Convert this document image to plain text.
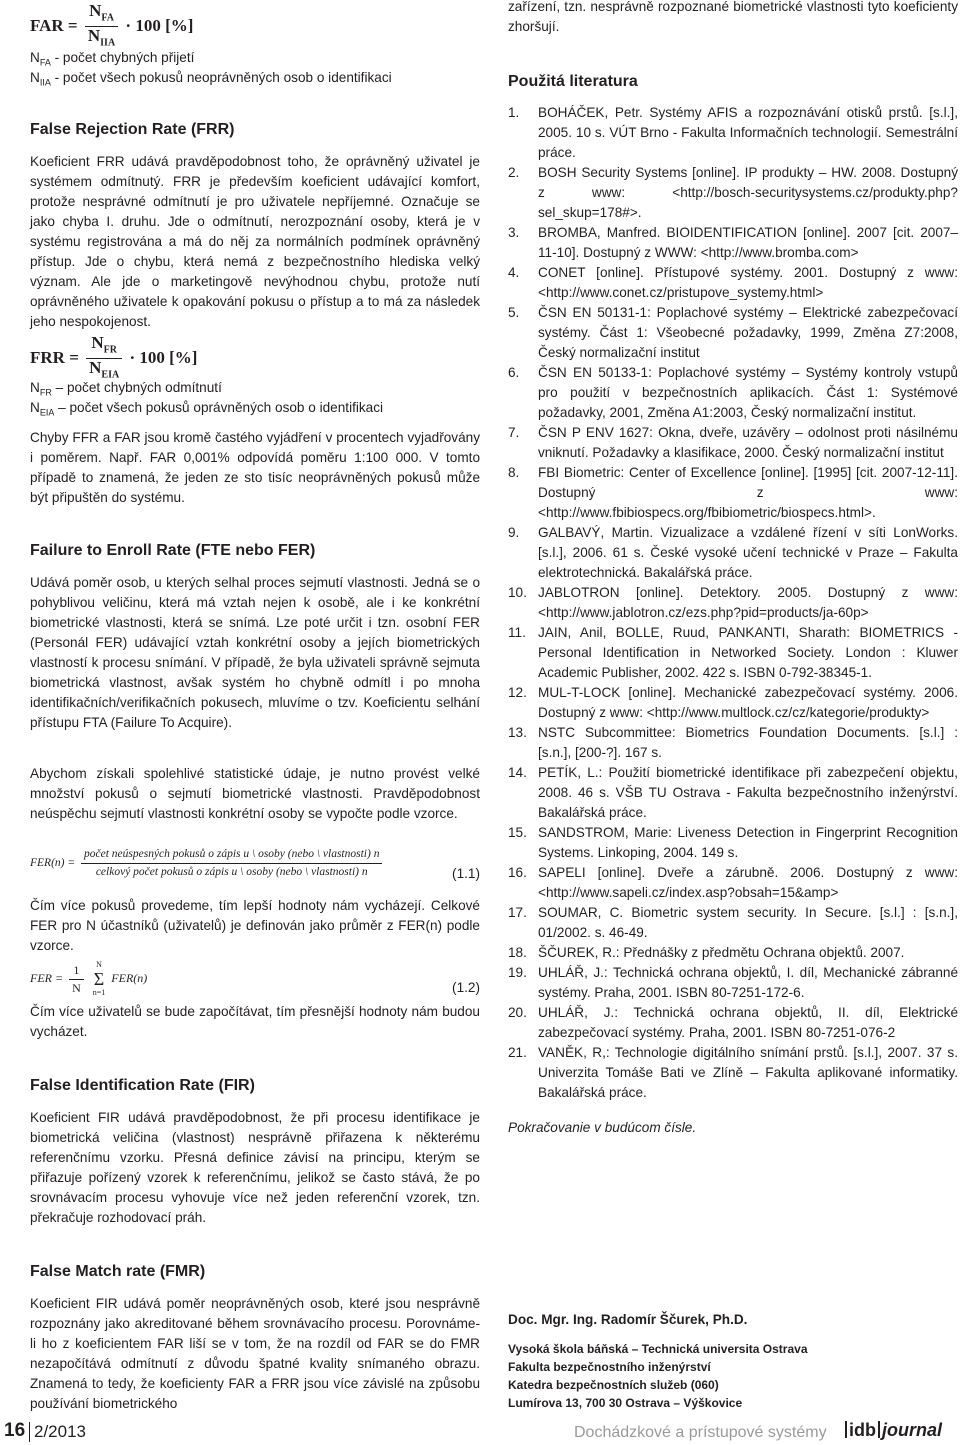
FAR = $\frac{N_{FA}}{N_{IIA}} \cdot 100$ [%]
$N_{FA}$ - počet chybných přijetí
$N_{IIA}$ - počet všech pokusů neoprávněných osob o identifikaci
False Rejection Rate (FRR)

Koeficient FRR udává pravděpodobnost toho, že oprávněný uživatel je systémem odmítnutý. FRR je především koeficient udávající komfort, protože nesprávné odmítnutí je pro uživatele nepříjemné. Označuje se jako chyba I. druhu. Jde o odmítnutí, nerozpoznání osoby, která je v systému registrována a má do něj za normálních podmínek oprávněný přístup. Jde o chybu, která nemá z bezpečnostního hlediska velký význam. Ale jde o marketingově nevýhodnou chybu, protože nutí oprávněného uživatele k opakování pokusu o přístup a to má za následek jeho nespokojenost.

FRR = $\frac{N_{FR}}{N_{EIA}} \cdot 100$ [%]
$N_{FR}$ – počet chybných odmítnutí
$N_{EIA}$ – počet všech pokusů oprávněných osob o identifikaci

Chyby FFR a FAR jsou kromě častého vyjádření v procentech vyjadřovány i poměrem. Např. FAR 0,001% odpovídá poměru 1:100 000. V tomto případě to znamená, že jeden ze sto tisíc neoprávněných pokusů může být připuštěn do systému.

Failure to Enroll Rate (FTE nebo FER)

Udává poměr osob, u kterých selhal proces sejmutí vlastnosti. Jedná se o pohyblivou veličinu, která má vztah nejen k osobě, ale i ke konkrétní biometrické vlastnosti, která se snímá. Lze poté určit i tzn. osobní FER (Personál FER) udávající vztah konkrétní osoby a jejích biometrických vlastností k procesu snímání. V případě, že byla uživateli správně sejmuta biometrická vlastnost, avšak systém ho chybně odmítl i po mnoha identifikačních/verifikačních pokusech, mluvíme o tzv. Koeficientu selhání přístupu FTA (Failure To Acquire).

Abychom získali spolehlivé statistické údaje, je nutno provést velké množství pokusů o sejmutí biometrické vlastnosti. Pravděpodobnost neúspěchu sejmutí vlastnosti konkrétní osoby se vypočte podle vzorce.

FER(n) =
počet neúspesných pokusů o zápis u \ osoby (nebo \ vlastnosti) n
celkový počet pokusů o zápis u \ osoby (nebo \ vlastnosti) n	(1.1)

Čím více pokusů provedeme, tím lepší hodnoty nám vycházejí. Celkové FER pro N účastníků (uživatelů) je definován jako průměr z FER(n) podle vzorce.

FER = $\frac{1}{N}$
	N
Σ
n=1
FER(n)
(1.2)

Čím více uživatelů se bude započítávat, tím přesnější hodnoty nám budou vycházet.

False Identification Rate (FIR)

Koeficient FIR udává pravděpodobnost, že při procesu identifikace je biometrická veličina (vlastnost) nesprávně přiřazena k některému referenčnímu vzorku. Přesná definice závisí na principu, kterým se přiřazuje pořízený vzorek k referenčnímu, jelikož se často stává, že po srovnávacím procesu vyhovuje více než jeden referenční vzorek, tzn. překračuje rozhodovací práh.

False Match rate (FMR)

Koeficient FIR udává poměr neoprávněných osob, které jsou nesprávně rozpoznány jako akreditované během srovnávacího procesu. Porovnáme-li ho z koeficientem FAR liší se v tom, že na rozdíl od FAR se do FMR nezapočítává odmítnutí z důvodu špatné kvality snímaného obrazu. Znamená to tedy, že koeficienty FAR a FRR jsou více závislé na způsobu používání biometrického

zařízení, tzn. nesprávně rozpoznané biometrické vlastnosti tyto koeficienty zhoršují.

Použitá literatura
1. BOHÁČEK, Petr. Systémy AFIS a rozpoznávání otisků prstů. [s.l.], 2005. 10 s. VÚT Brno - Fakulta Informačních technologií. Semestrální práce.
2. BOSH Security Systems [online]. IP produkty – HW. 2008. Dostupný z www: <http://bosch-securitysystems.cz/produkty.php?sel_skup=178#>.
3. BROMBA, Manfred. BIOIDENTIFICATION [online]. 2007 [cit. 2007–11-10]. Dostupný z WWW: <http://www.bromba.com>
4. CONET [online]. Přístupové systémy. 2001. Dostupný z www: <http://www.conet.cz/pristupove_systemy.html>
5. ČSN EN 50131-1: Poplachové systémy – Elektrické zabezpečovací systémy. Část 1: Všeobecné požadavky, 1999, Změna Z7:2008, Český normalizační institut
6. ČSN EN 50133-1: Poplachové systémy – Systémy kontroly vstupů pro použití v bezpečnostních aplikacích. Část 1: Systémové požadavky, 2001, Změna A1:2003, Český normalizační institut.
7. ČSN P ENV 1627: Okna, dveře, uzávěry – odolnost proti násilnému vniknutí. Požadavky a klasifikace, 2000. Český normalizační institut
8. FBI Biometric: Center of Excellence [online]. [1995] [cit. 2007-12-11]. Dostupný z www: <http://www.fbibiospecs.org/fbibiometric/biospecs.html>.
9. GALBAVÝ, Martin. Vizualizace a vzdálené řízení v síti LonWorks. [s.l.], 2006. 61 s. České vysoké učení technické v Praze – Fakulta elektrotechnická. Bakalářská práce.
10. JABLOTRON [online]. Detektory. 2005. Dostupný z www: <http://www.jablotron.cz/ezs.php?pid=products/ja-60p>
11. JAIN, Anil, BOLLE, Ruud, PANKANTI, Sharath: BIOMETRICS - Personal Identification in Networked Society. London : Kluwer Academic Publisher, 2002. 422 s. ISBN 0-792-38345-1.
12. MUL-T-LOCK [online]. Mechanické zabezpečovací systémy. 2006. Dostupný z www: <http://www.multlock.cz/cz/kategorie/produkty>
13. NSTC Subcommittee: Biometrics Foundation Documents. [s.l.] : [s.n.], [200-?]. 167 s.
14. PETÍK, L.: Použití biometrické identifikace při zabezpečení objektu, 2008. 46 s. VŠB TU Ostrava - Fakulta bezpečnostního inženýrství. Bakalářská práce.
15. SANDSTROM, Marie: Liveness Detection in Fingerprint Recognition Systems. Linkoping, 2004. 149 s.
16. SAPELI [online]. Dveře a zárubně. 2006. Dostupný z www: <http://www.sapeli.cz/index.asp?obsah=15&amp>
17. SOUMAR, C. Biometric system security. In Secure. [s.l.] : [s.n.], 01/2002. s. 46-49.
18. ŠČUREK, R.: Přednášky z předmětu Ochrana objektů. 2007.
19. UHLÁŘ, J.: Technická ochrana objektů, I. díl, Mechanické zábranné systémy. Praha, 2001. ISBN 80-7251-172-6.
20. UHLÁŘ, J.: Technická ochrana objektů, II. díl, Elektrické zabezpečovací systémy. Praha, 2001. ISBN 80-7251-076-2
21. VANĚK, R,: Technologie digitálního snímání prstů. [s.l.], 2007. 37 s. Univerzita Tomáše Bati ve Zlíně – Fakulta aplikované informatiky. Bakalářská práce.

Pokračovanie v budúcom čísle.

Doc. Mgr. Ing. Radomír Ščurek, Ph.D.
Vysoká škola báňská – Technická universita Ostrava
Fakulta bezpečnostního inženýrství
Katedra bezpečnostních služeb (060)
Lumírova 13, 700 30 Ostrava – Výškovice
16 2/2013	Dochádzkové a prístupové systémy	idb journal
